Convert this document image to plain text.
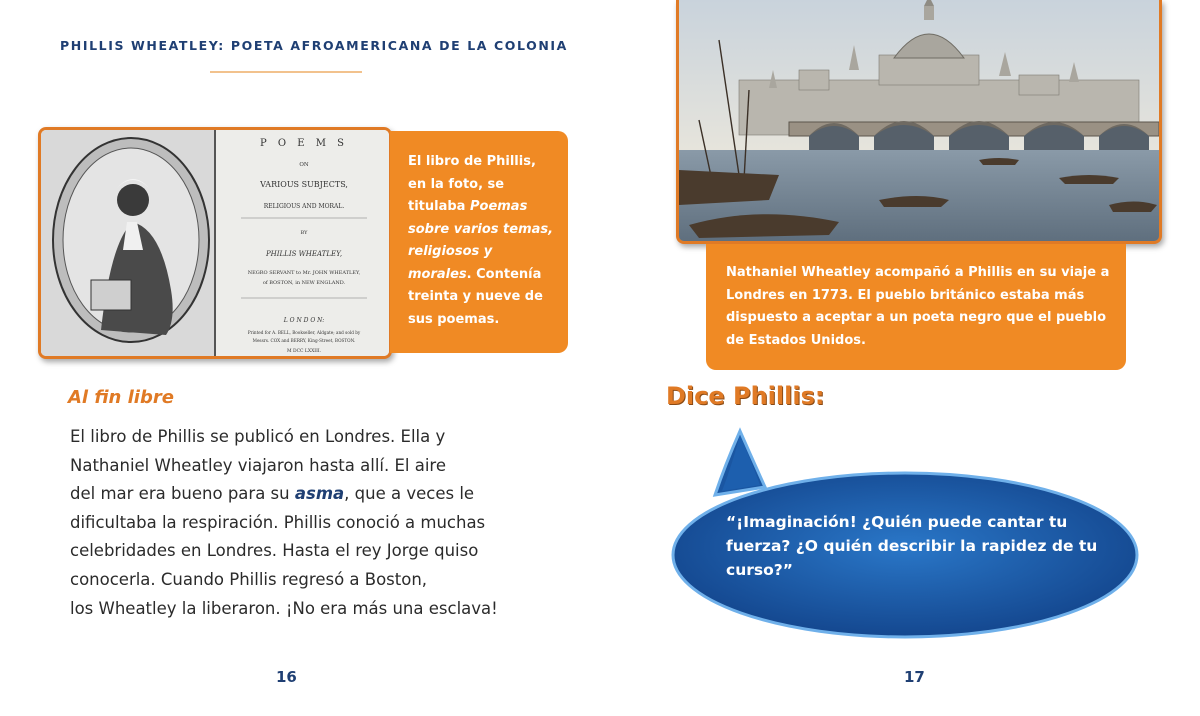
PHILLIS WHEATLEY: POETA AFROAMERICANA DE LA COLONIA
P O E M S
ON
VARIOUS SUBJECTS,
RELIGIOUS AND MORAL.
BY
PHILLIS WHEATLEY,
NEGRO SERVANT to Mr. JOHN WHEATLEY,
of BOSTON, in NEW ENGLAND.
L O N D O N:
Printed for A. BELL, Bookseller, Aldgate; and sold by
Messrs. COX and BERRY, King-Street, BOSTON.
M DCC LXXIII.
El libro de Phillis, en la foto, se titulaba Poemas sobre varios temas, religiosos y morales. Contenía treinta y nueve de sus poemas.
Al fin libre
El libro de Phillis se publicó en Londres. Ella y
Nathaniel Wheatley viajaron hasta allí. El aire
del mar era bueno para su asma, que a veces le
dificultaba la respiración. Phillis conoció a muchas
celebridades en Londres. Hasta el rey Jorge quiso
conocerla. Cuando Phillis regresó a Boston,
los Wheatley la liberaron. ¡No era más una esclava!
16
Nathaniel Wheatley acompañó a Phillis en su viaje a Londres en 1773. El pueblo británico estaba más dispuesto a aceptar a un poeta negro que el pueblo de Estados Unidos.
Dice Phillis:
“¡Imaginación! ¿Quién puede cantar tu fuerza? ¿O quién describir la rapidez de tu curso?”
17
